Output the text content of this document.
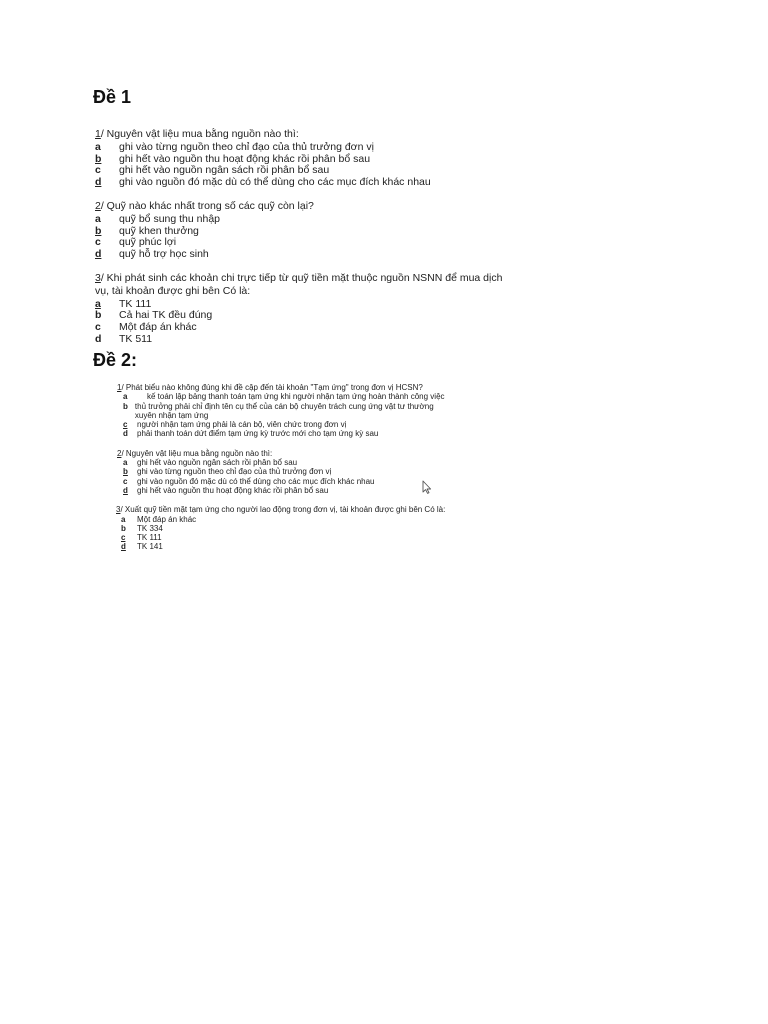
Đề 1

1/ Nguyên vật liệu mua bằng nguồn nào thì:

a	ghi vào từng nguồn theo chỉ đạo của thủ trưởng đơn vị
b	ghi hết vào nguồn thu hoạt động khác rồi phân bổ sau
c	ghi hết vào nguồn ngân sách rồi phân bổ sau
d	ghi vào nguồn đó mặc dù có thể dùng cho các mục đích khác nhau

2/ Quỹ nào khác nhất trong số các quỹ còn lại?

a	quỹ bổ sung thu nhập
b	quỹ khen thưởng
c	quỹ phúc lợi
d	quỹ hỗ trợ học sinh

3/ Khi phát sinh các khoản chi trực tiếp từ quỹ tiền mặt thuộc nguồn NSNN để mua dịch

vụ, tài khoản được ghi bên Có là:

a	TK 111
b	Cả hai TK đều đúng
c	Một đáp án khác
d	TK 511
Đề 2:

1/ Phát biểu nào không đúng khi đề cập đến tài khoản "Tạm ứng" trong đơn vị HCSN?

a	kế toán lập bảng thanh toán tạm ứng khi người nhận tạm ứng hoàn thành công việc
b thủ trưởng phải chỉ định tên cụ thể của cán bộ chuyên trách cung ứng vật tư thường xuyên nhận tạm ứng
c	người nhận tạm ứng phải là cán bộ, viên chức trong đơn vị
d	phải thanh toán dứt điểm tạm ứng kỳ trước mới cho tạm ứng kỳ sau

2/ Nguyên vật liệu mua bằng nguồn nào thì:

a	ghi hết vào nguồn ngân sách rồi phân bổ sau
b	ghi vào từng nguồn theo chỉ đạo của thủ trưởng đơn vị
c	ghi vào nguồn đó mặc dù có thể dùng cho các mục đích khác nhau
d	ghi hết vào nguồn thu hoạt động khác rồi phân bổ sau

3/ Xuất quỹ tiền mặt tạm ứng cho người lao động trong đơn vị, tài khoản được ghi bên Có là:

a	Một đáp án khác
b	TK 334
c	TK 111
d	TK 141
